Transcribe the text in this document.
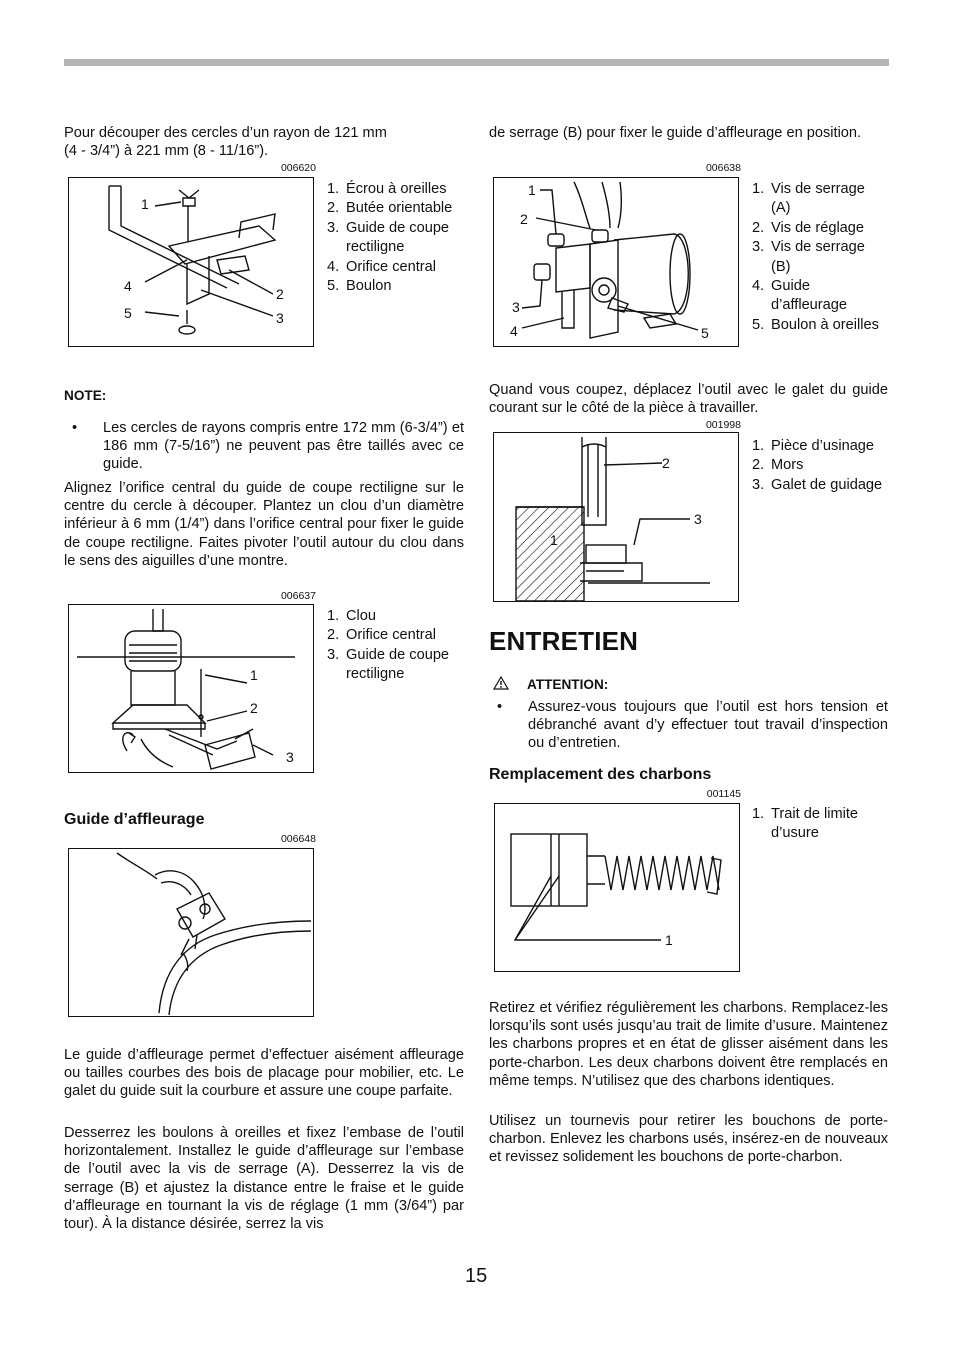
Pour découper des cercles d’un rayon de 121 mm
(4 - 3/4”) à 221 mm (8 - 11/16”).
006620
1
2
3
4
5
1. Écrou à oreilles
2. Butée orientable
3. Guide de coupe rectiligne
4. Orifice central
5. Boulon
NOTE:
• Les cercles de rayons compris entre 172 mm (6-3/4”) et 186 mm (7-5/16”) ne peuvent pas être taillés avec ce guide.
Alignez l’orifice central du guide de coupe rectiligne sur le centre du cercle à découper. Plantez un clou d’un diamètre inférieur à 6 mm (1/4”) dans l’orifice central pour fixer le guide de coupe rectiligne. Faites pivoter l’outil autour du clou dans le sens des aiguilles d’une montre.
006637
1
2
3
1. Clou
2. Orifice central
3. Guide de coupe rectiligne
Guide d’affleurage
006648
Le guide d’affleurage permet d’effectuer aisément affleurage ou tailles courbes des bois de placage pour mobilier, etc. Le galet du guide suit la courbure et assure une coupe parfaite.
Desserrez les boulons à oreilles et fixez l’embase de l’outil horizontalement. Installez le guide d’affleurage sur l’embase de l’outil avec la vis de serrage (A). Desserrez la vis de serrage (B) et ajustez la distance entre le fraise et le guide d’affleurage en tournant la vis de réglage (1 mm (3/64”) par tour). À la distance désirée, serrez la vis
de serrage (B) pour fixer le guide d’affleurage en position.
006638
1
2
3
4	5
1. Vis de serrage (A)
2. Vis de réglage
3. Vis de serrage (B)
4. Guide d’affleurage
5. Boulon à oreilles
Quand vous coupez, déplacez l’outil avec le galet du guide courant sur le côté de la pièce à travailler.
001998
1
2
3
1. Pièce d’usinage
2. Mors
3. Galet de guidage
ENTRETIEN
ATTENTION:
• Assurez-vous toujours que l’outil est hors tension et débranché avant d’y effectuer tout travail d’inspection ou d’entretien.
Remplacement des charbons
001145
1
1. Trait de limite d’usure
Retirez et vérifiez régulièrement les charbons. Remplacez-les lorsqu’ils sont usés jusqu’au trait de limite d’usure. Maintenez les charbons propres et en état de glisser aisément dans les porte-charbon. Les deux charbons doivent être remplacés en même temps. N’utilisez que des charbons identiques.
Utilisez un tournevis pour retirer les bouchons de porte-charbon. Enlevez les charbons usés, insérez-en de nouveaux et revissez solidement les bouchons de porte-charbon.
15
